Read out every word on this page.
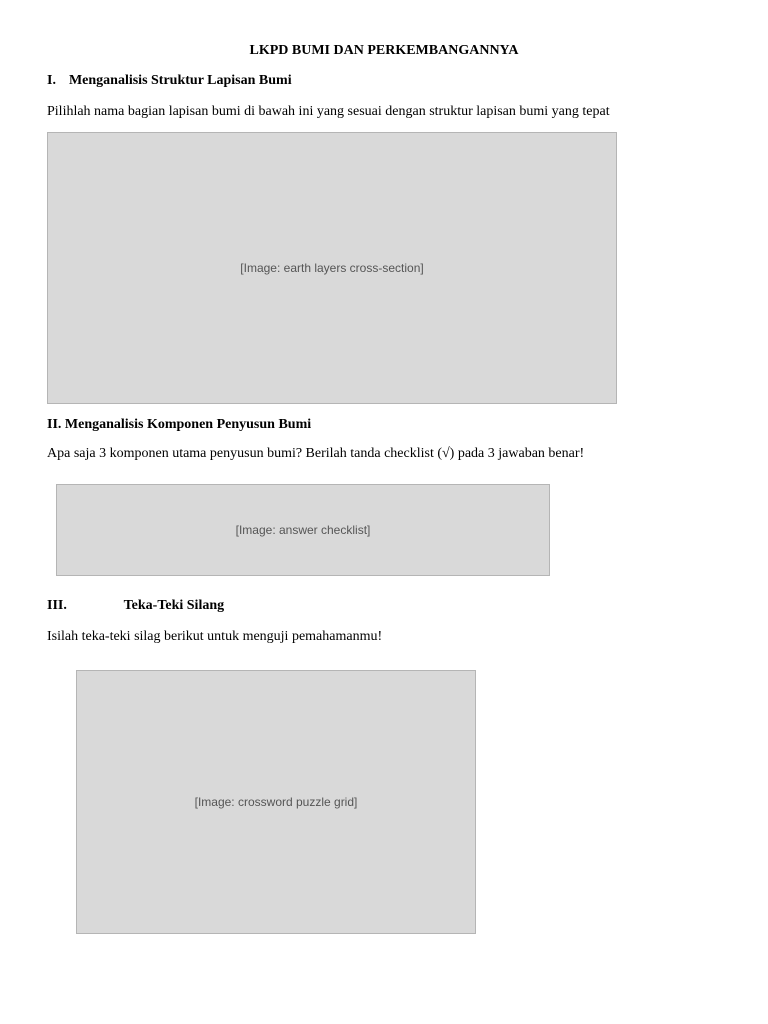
LKPD BUMI DAN PERKEMBANGANNYA
I. Menganalisis Struktur Lapisan Bumi
Pilihlah nama bagian lapisan bumi di bawah ini yang sesuai dengan struktur lapisan bumi yang tepat
[Image: earth layers cross-section]
II. Menganalisis Komponen Penyusun Bumi
Apa saja 3 komponen utama penyusun bumi? Berilah tanda checklist (√) pada 3 jawaban benar!
[Image: answer checklist]
III.	Teka-Teki Silang
Isilah teka-teki silag berikut untuk menguji pemahamanmu!
[Image: crossword puzzle grid]
